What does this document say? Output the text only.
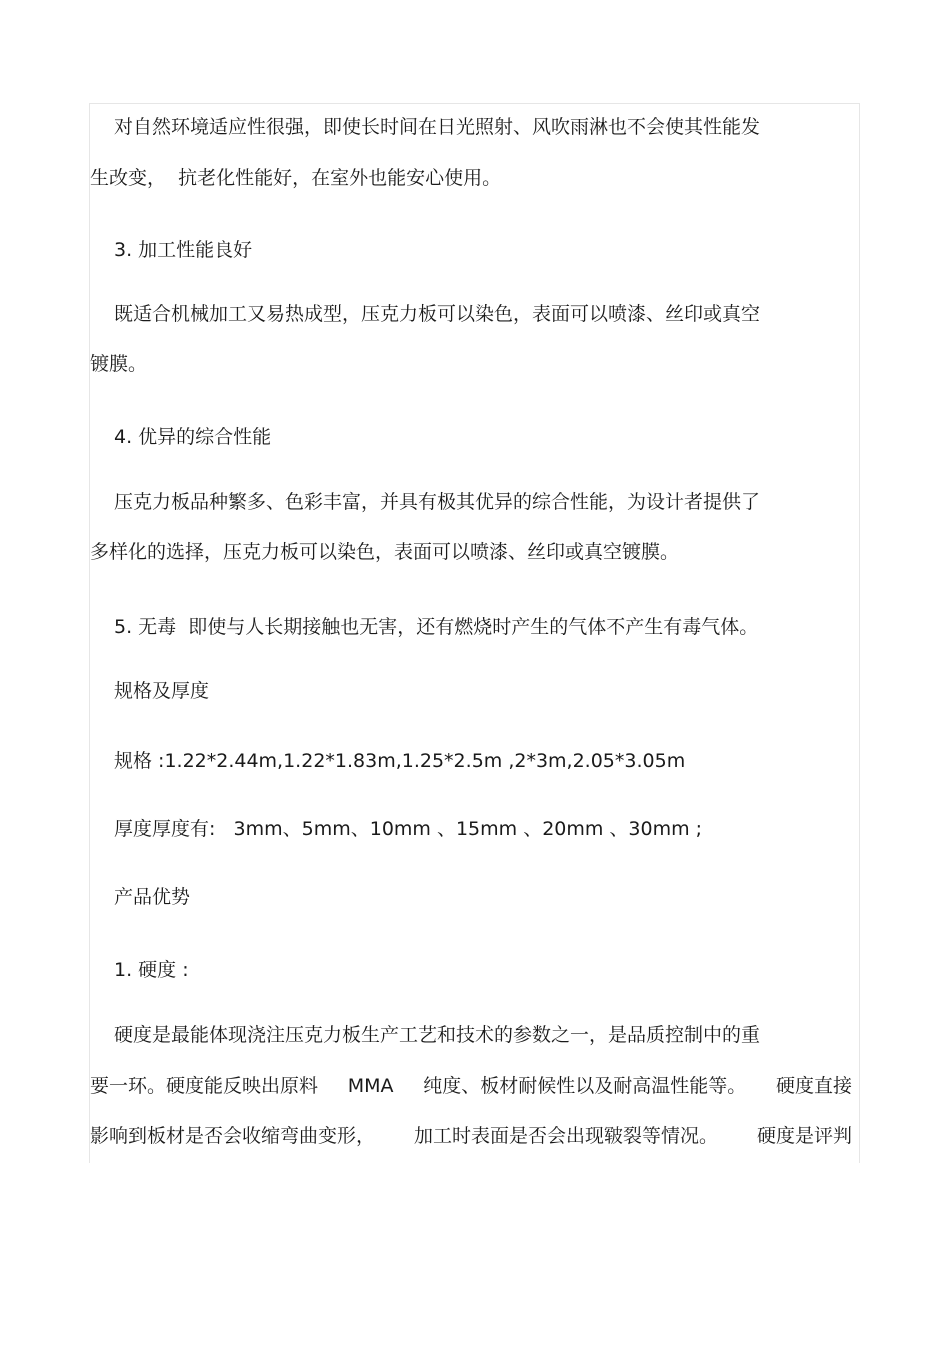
对自然环境适应性很强，即使长时间在日光照射、风吹雨淋也不会使其性能发
生改变，  抗老化性能好，在室外也能安心使用。
3. 加工性能良好
既适合机械加工又易热成型，压克力板可以染色，表面可以喷漆、丝印或真空
镀膜。
4. 优异的综合性能
压克力板品种繁多、色彩丰富，并具有极其优异的综合性能，为设计者提供了
多样化的选择，压克力板可以染色，表面可以喷漆、丝印或真空镀膜。
5. 无毒  即使与人长期接触也无害，还有燃烧时产生的气体不产生有毒气体。
规格及厚度
规格 :1.22*2.44m,1.22*1.83m,1.25*2.5m ,2*3m,2.05*3.05m
厚度厚度有:   3mm、5mm、10mm 、15mm 、20mm 、30mm ;
产品优势
1. 硬度 :
硬度是最能体现浇注压克力板生产工艺和技术的参数之一，是品质控制中的重
要一环。硬度能反映出原料 MMA 纯度、板材耐候性以及耐高温性能等。 硬度直接
影响到板材是否会收缩弯曲变形， 加工时表面是否会出现皲裂等情况。 硬度是评判
